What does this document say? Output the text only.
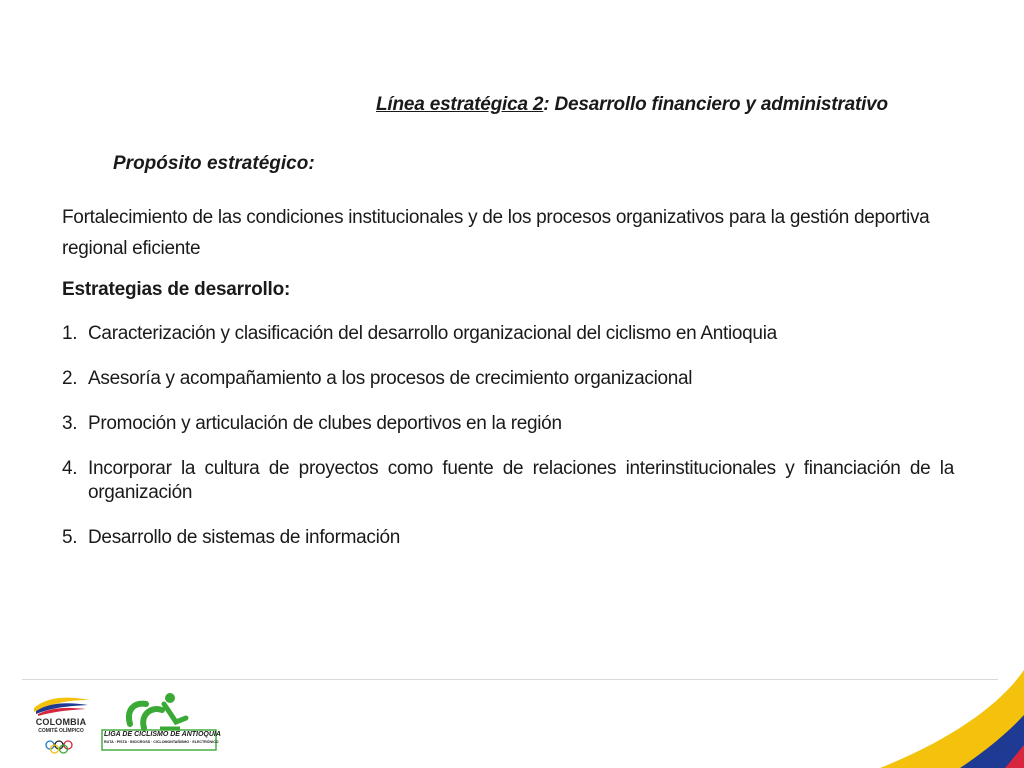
Línea estratégica 2: Desarrollo financiero y administrativo
Propósito estratégico:
Fortalecimiento de las condiciones institucionales y de los procesos organizativos para la gestión deportiva regional eficiente
Estrategias de desarrollo:
1. Caracterización y clasificación del desarrollo organizacional del ciclismo en Antioquia
2. Asesoría y acompañamiento a los procesos de crecimiento organizacional
3. Promoción y articulación de clubes deportivos en la región
4. Incorporar la cultura de proyectos como fuente de relaciones interinstitucionales y financiación de la organización
5. Desarrollo de sistemas de información
COLOMBIA
COMITÉ OLÍMPICO	LIGA DE CICLISMO DE ANTIOQUIA
RUTA · PISTA · BICICROSS · CICLOMONTAÑISMO · ELECTRÓNICO
